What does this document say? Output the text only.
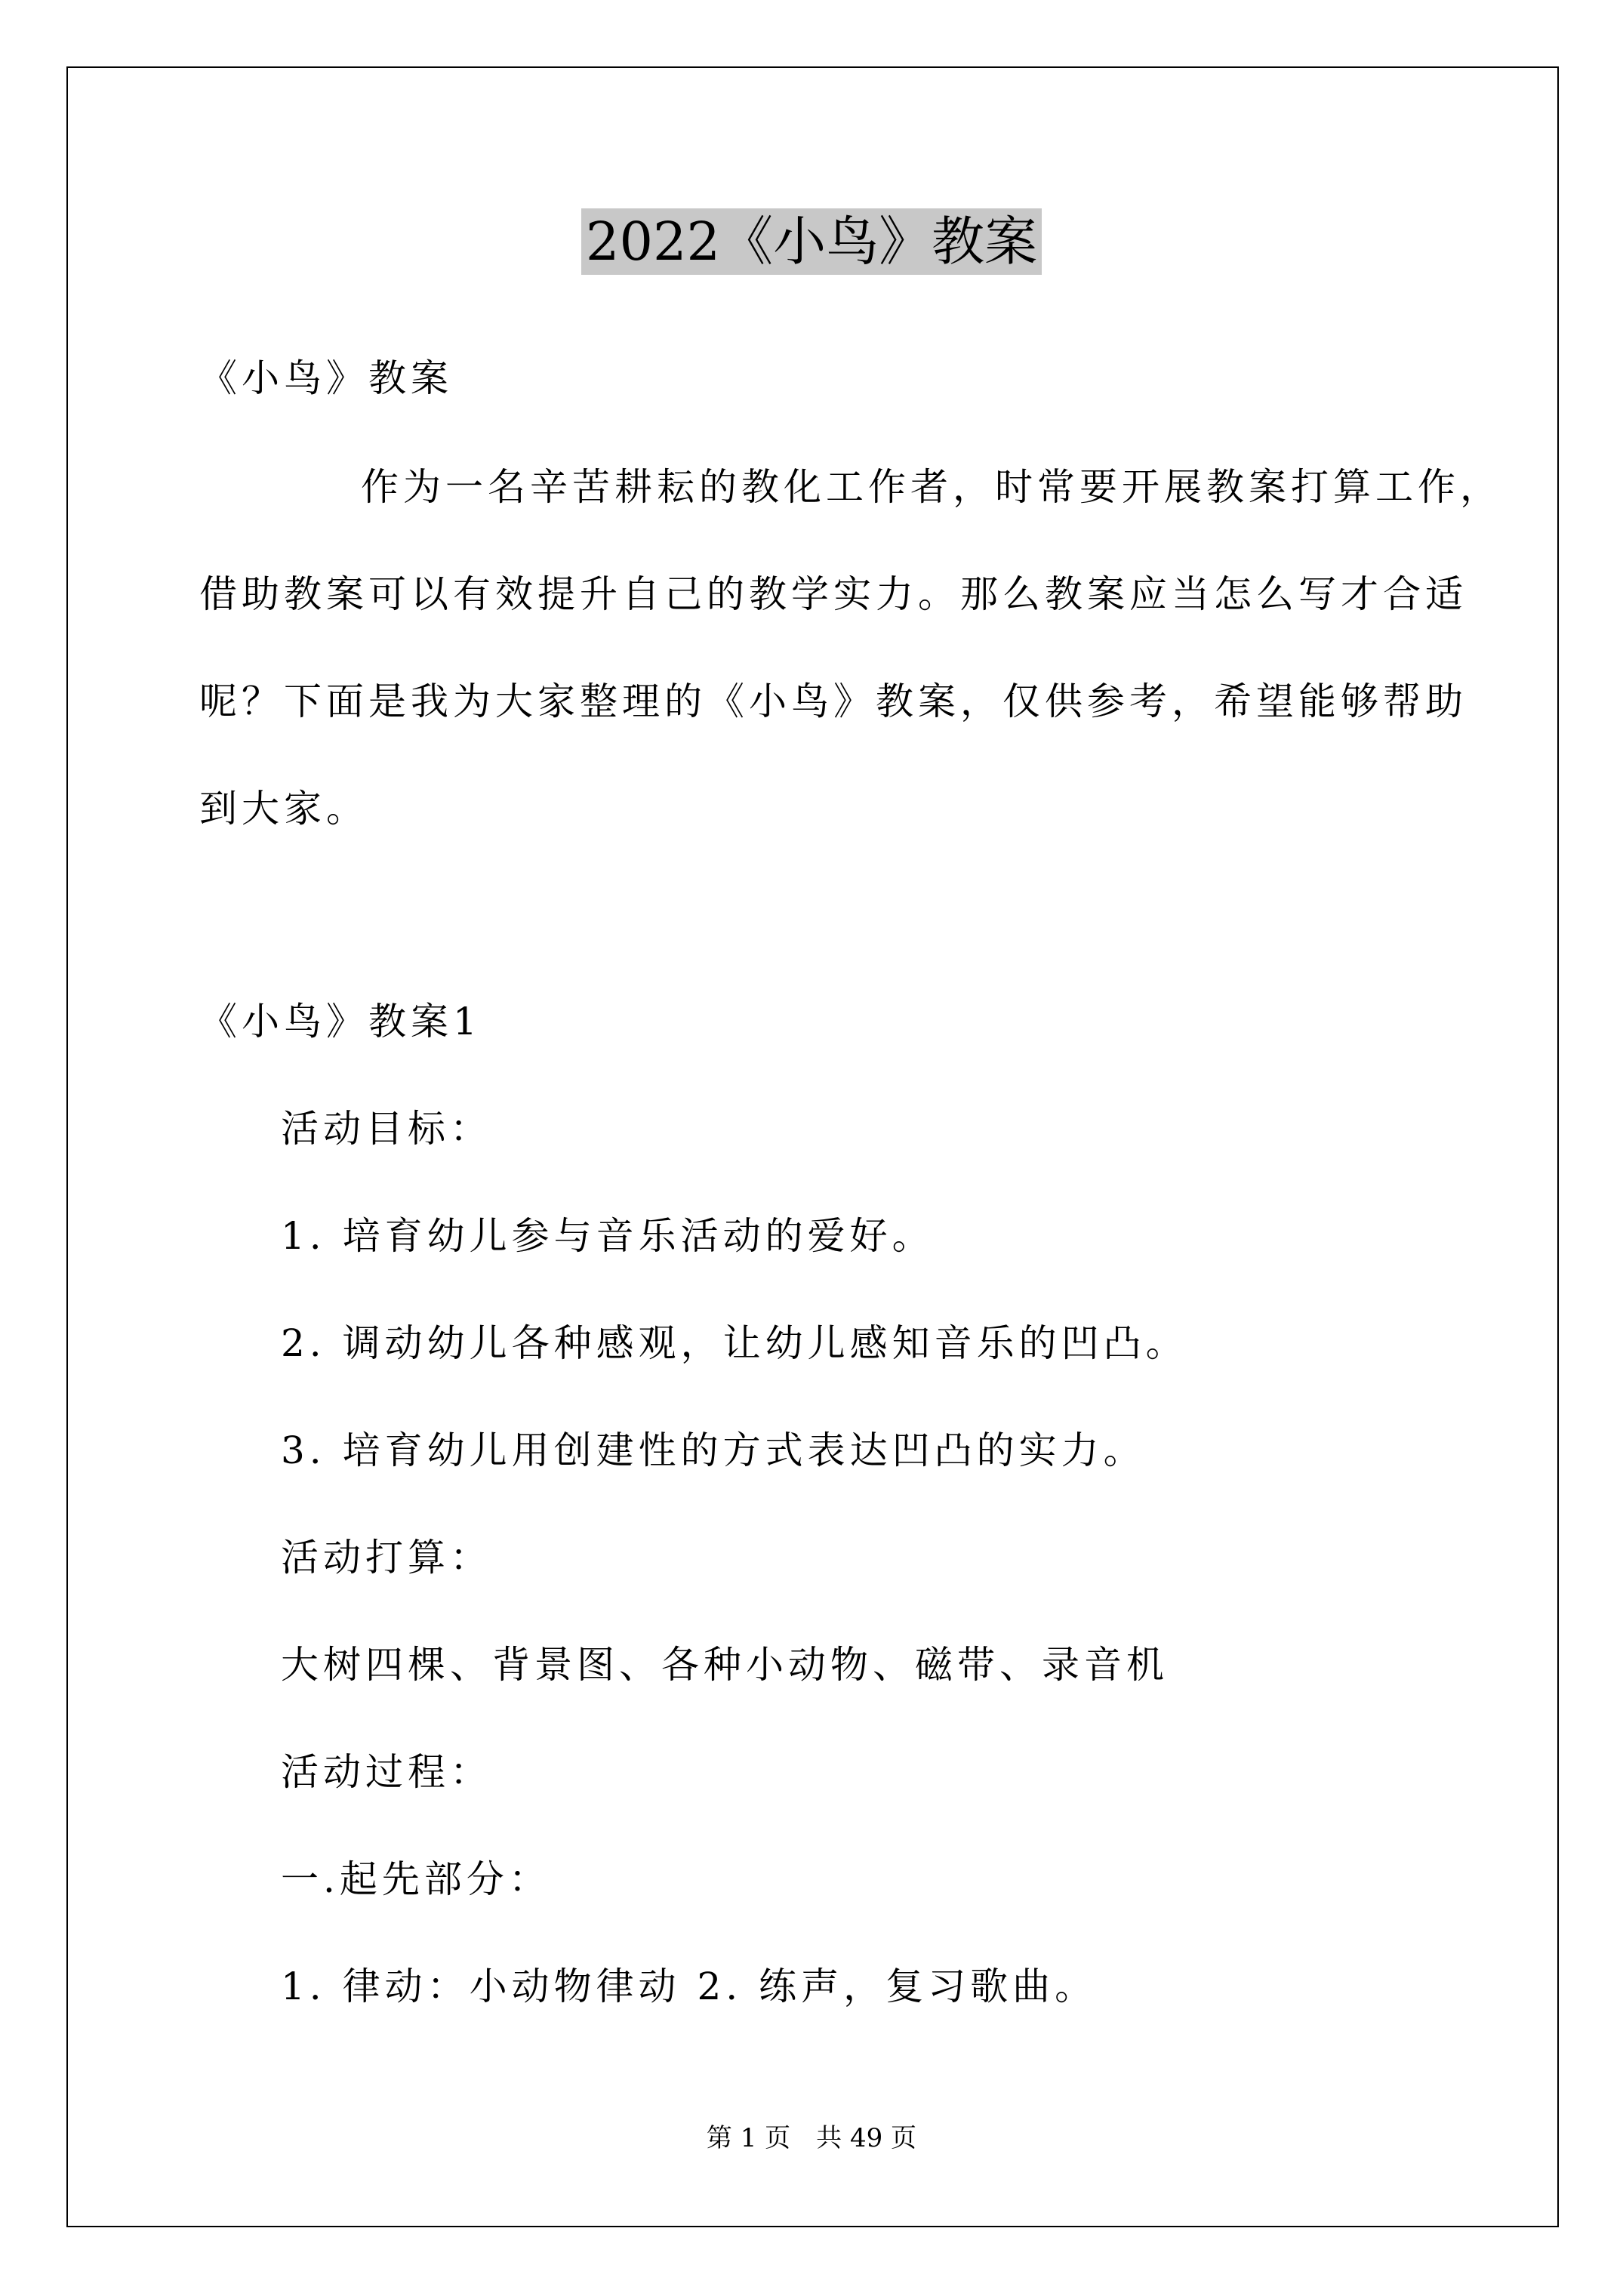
2022《小鸟》教案
《小鸟》教案
作为一名辛苦耕耘的教化工作者，时常要开展教案打算工作，
借助教案可以有效提升自己的教学实力。那么教案应当怎么写才合适
呢？下面是我为大家整理的《小鸟》教案，仅供参考，希望能够帮助
到大家。
《小鸟》教案1
活动目标：
1. 培育幼儿参与音乐活动的爱好。
2. 调动幼儿各种感观，让幼儿感知音乐的凹凸。
3. 培育幼儿用创建性的方式表达凹凸的实力。
活动打算：
大树四棵、背景图、各种小动物、磁带、录音机
活动过程：
一.起先部分：
1. 律动：小动物律动 2. 练声，复习歌曲。
第 1 页　共 49 页
